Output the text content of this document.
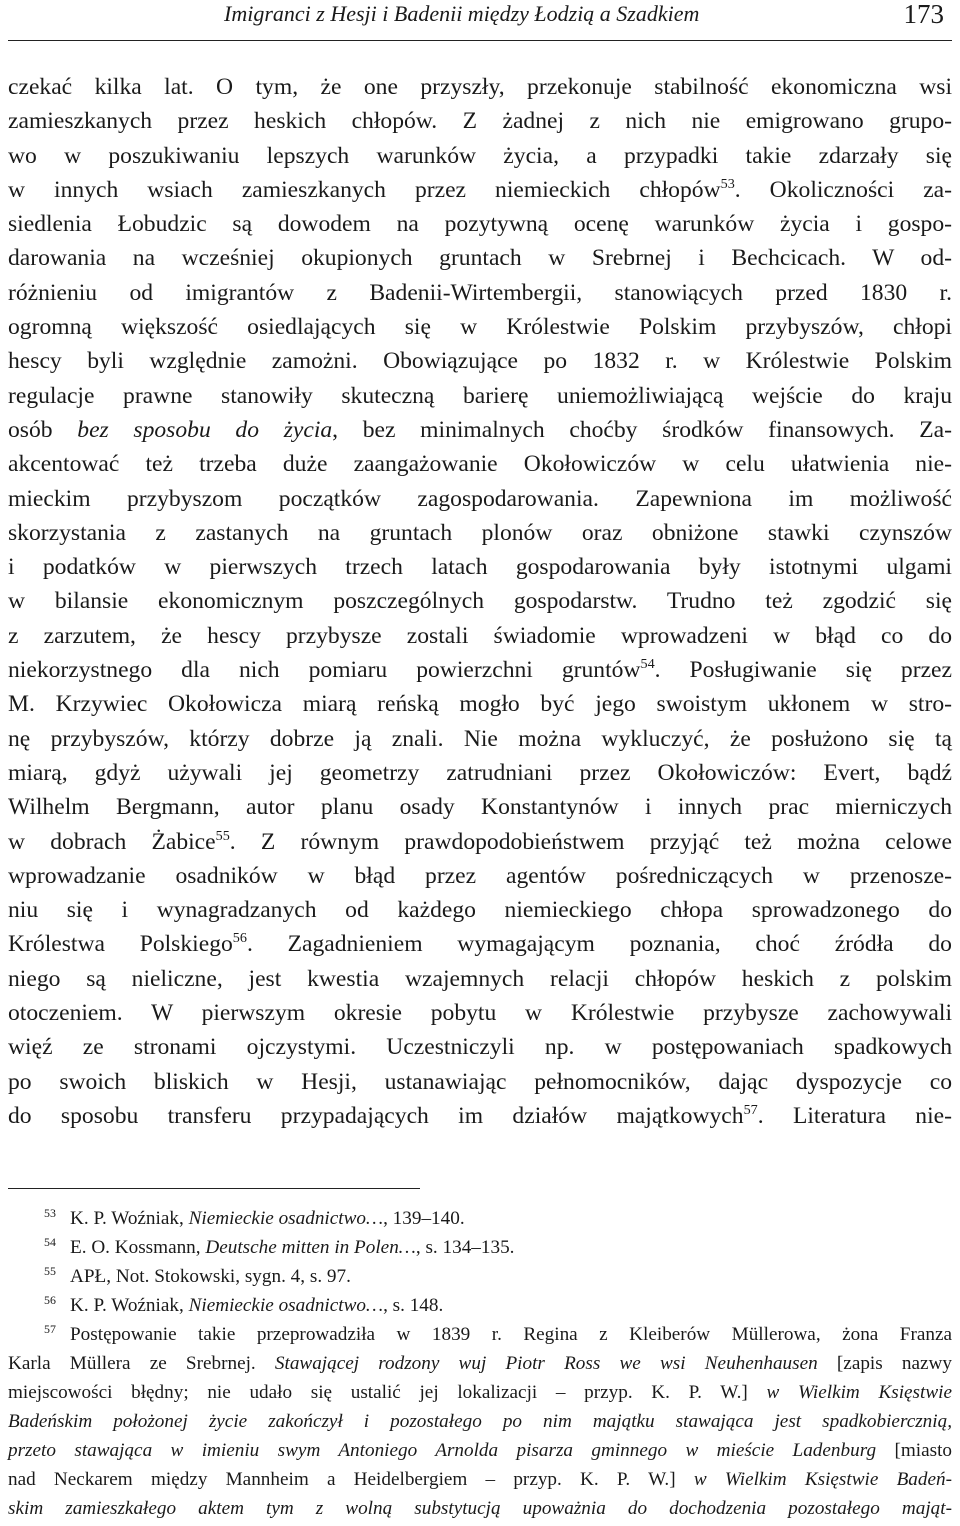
Imigranci z Hesji i Badenii między Łodzią a Szadkiem	173
czekać kilka lat. O tym, że one przyszły, przekonuje stabilność ekonomiczna wsi
zamieszkanych przez heskich chłopów. Z żadnej z nich nie emigrowano grupo-
wo w poszukiwaniu lepszych warunków życia, a przypadki takie zdarzały się
w innych wsiach zamieszkanych przez niemieckich chłopów$^{53}$. Okoliczności za-
siedlenia Łobudzic są dowodem na pozytywną ocenę warunków życia i gospo-
darowania na wcześniej okupionych gruntach w Srebrnej i Bechcicach. W od-
różnieniu od imigrantów z Badenii-Wirtembergii, stanowiących przed 1830 r.
ogromną większość osiedlających się w Królestwie Polskim przybyszów, chłopi
hescy byli względnie zamożni. Obowiązujące po 1832 r. w Królestwie Polskim
regulacje prawne stanowiły skuteczną barierę uniemożliwiającą wejście do kraju
osób bez sposobu do życia, bez minimalnych choćby środków finansowych. Za-
akcentować też trzeba duże zaangażowanie Okołowiczów w celu ułatwienia nie-
mieckim przybyszom początków zagospodarowania. Zapewniona im możliwość
skorzystania z zastanych na gruntach plonów oraz obniżone stawki czynszów
i podatków w pierwszych trzech latach gospodarowania były istotnymi ulgami
w bilansie ekonomicznym poszczególnych gospodarstw. Trudno też zgodzić się
z zarzutem, że hescy przybysze zostali świadomie wprowadzeni w błąd co do
niekorzystnego dla nich pomiaru powierzchni gruntów$^{54}$. Posługiwanie się przez
M. Krzywiec Okołowicza miarą reńską mogło być jego swoistym ukłonem w stro-
nę przybyszów, którzy dobrze ją znali. Nie można wykluczyć, że posłużono się tą
miarą, gdyż używali jej geometrzy zatrudniani przez Okołowiczów: Evert, bądź
Wilhelm Bergmann, autor planu osady Konstantynów i innych prac mierniczych
w dobrach Żabice$^{55}$. Z równym prawdopodobieństwem przyjąć też można celowe
wprowadzanie osadników w błąd przez agentów pośredniczących w przenosze-
niu się i wynagradzanych od każdego niemieckiego chłopa sprowadzonego do
Królestwa Polskiego$^{56}$. Zagadnieniem wymagającym poznania, choć źródła do
niego są nieliczne, jest kwestia wzajemnych relacji chłopów heskich z polskim
otoczeniem. W pierwszym okresie pobytu w Królestwie przybysze zachowywali
więź ze stronami ojczystymi. Uczestniczyli np. w postępowaniach spadkowych
po swoich bliskich w Hesji, ustanawiając pełnomocników, dając dyspozycje co
do sposobu transferu przypadających im działów majątkowych$^{57}$. Literatura nie-
53 K. P. Woźniak, Niemieckie osadnictwo…, 139–140.
54 E. O. Kossmann, Deutsche mitten in Polen…, s. 134–135.
55 APŁ, Not. Stokowski, sygn. 4, s. 97.
56 K. P. Woźniak, Niemieckie osadnictwo…, s. 148.
57 Postępowanie takie przeprowadziła w 1839 r. Regina z Kleiberów Müllerowa, żona Franza
Karla Müllera ze Srebrnej. Stawającej rodzony wuj Piotr Ross we wsi Neuhenhausen [zapis nazwy
miejscowości błędny; nie udało się ustalić jej lokalizacji – przyp. K. P. W.] w Wielkim Księstwie
Badeńskim położonej życie zakończył i pozostałego po nim majątku stawająca jest spadkobiercznią,
przeto stawająca w imieniu swym Antoniego Arnolda pisarza gminnego w mieście Ladenburg [miasto
nad Neckarem między Mannheim a Heidelbergiem – przyp. K. P. W.] w Wielkim Księstwie Badeń-
skim zamieszkałego aktem tym z wolną substytucją upoważnia do dochodzenia pozostałego mająt-
